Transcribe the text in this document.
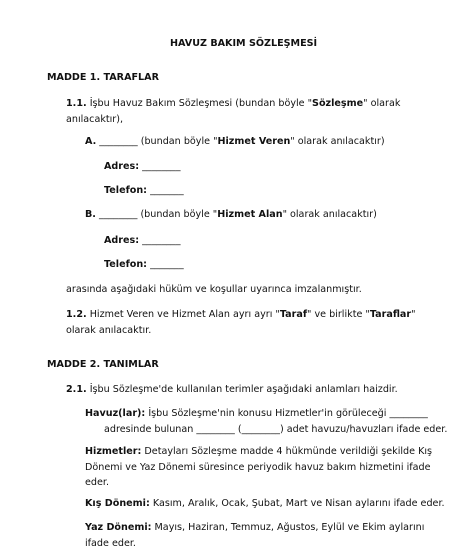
HAVUZ BAKIM SÖZLEŞMESİ
MADDE 1. TARAFLAR
1.1. İşbu Havuz Bakım Sözleşmesi (bundan böyle "Sözleşme" olarak
anılacaktır),
A. ________ (bundan böyle "Hizmet Veren" olarak anılacaktır)
Adres: ________
Telefon: _______
B. ________ (bundan böyle "Hizmet Alan" olarak anılacaktır)
Adres: ________
Telefon: _______
arasında aşağıdaki hüküm ve koşullar uyarınca imzalanmıştır.
1.2. Hizmet Veren ve Hizmet Alan ayrı ayrı "Taraf" ve birlikte "Taraflar"
olarak anılacaktır.
MADDE 2. TANIMLAR
2.1. İşbu Sözleşme'de kullanılan terimler aşağıdaki anlamları haizdir.
Havuz(lar): İşbu Sözleşme'nin konusu Hizmetler'in görüleceği ________
adresinde bulunan ________ (________) adet havuzu/havuzları ifade eder.
Hizmetler: Detayları Sözleşme madde 4 hükmünde verildiği şekilde Kış
Dönemi ve Yaz Dönemi süresince periyodik havuz bakım hizmetini ifade
eder.
Kış Dönemi: Kasım, Aralık, Ocak, Şubat, Mart ve Nisan aylarını ifade eder.
Yaz Dönemi: Mayıs, Haziran, Temmuz, Ağustos, Eylül ve Ekim aylarını
ifade eder.
